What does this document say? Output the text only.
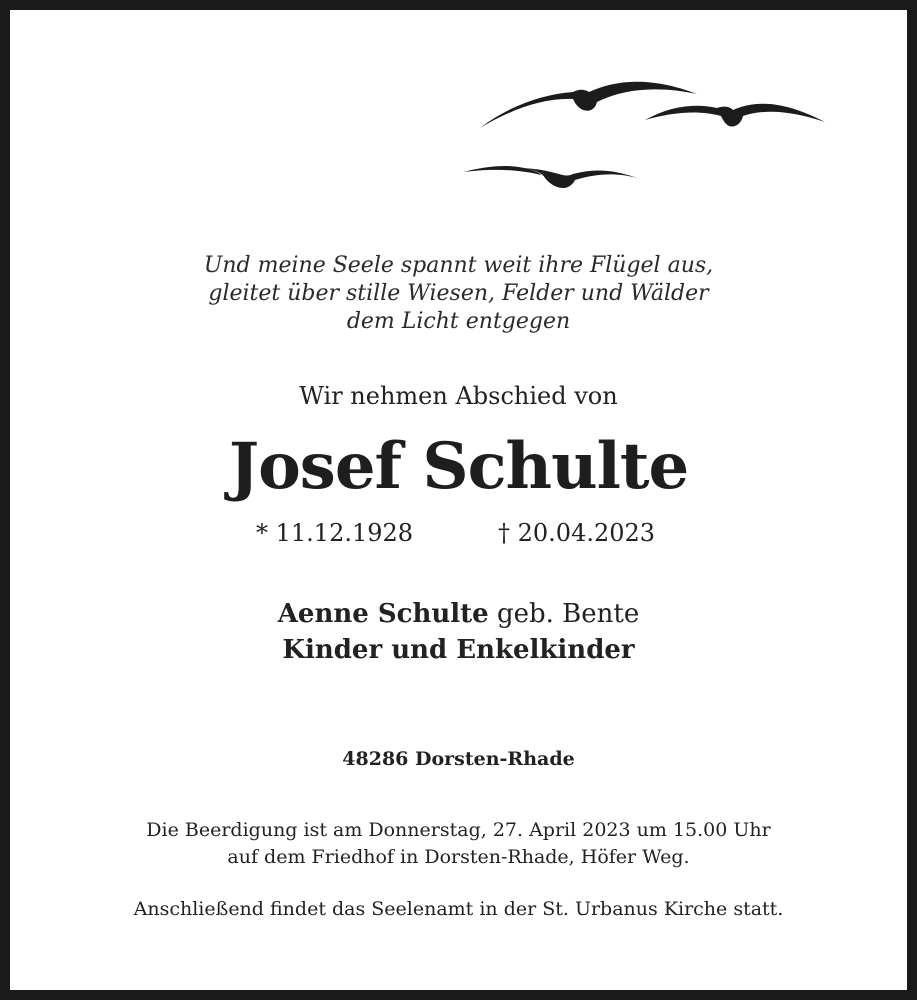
Und meine Seele spannt weit ihre Flügel aus,
gleitet über stille Wiesen, Felder und Wälder
dem Licht entgegen
Wir nehmen Abschied von
Josef Schulte
* 11.12.1928	† 20.04.2023
Aenne Schulte geb. Bente
Kinder und Enkelkinder
48286 Dorsten-Rhade
Die Beerdigung ist am Donnerstag, 27. April 2023 um 15.00 Uhr
auf dem Friedhof in Dorsten-Rhade, Höfer Weg.
Anschließend findet das Seelenamt in der St. Urbanus Kirche statt.
